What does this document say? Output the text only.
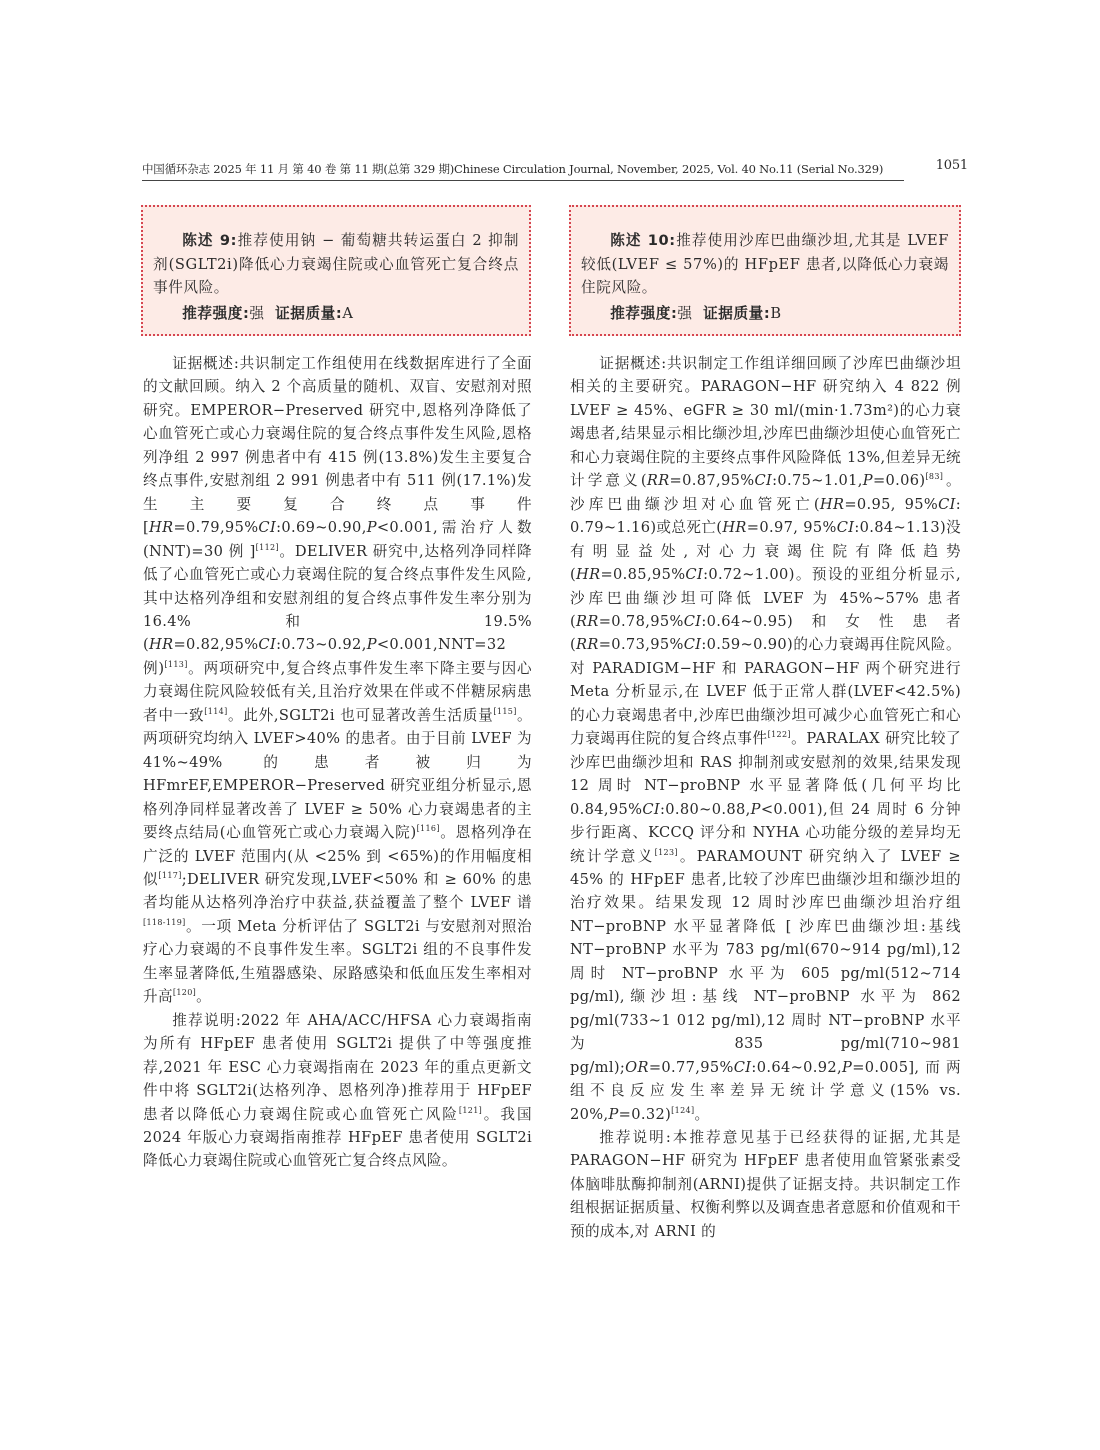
中国循环杂志 2025 年 11 月 第 40 卷 第 11 期(总第 329 期)Chinese Circulation Journal, November, 2025, Vol. 40 No.11 (Serial No.329)	1051

陈述 9:推荐使用钠 − 葡萄糖共转运蛋白 2 抑制剂(SGLT2i)降低心力衰竭住院或心血管死亡复合终点事件风险。

推荐强度:强 证据质量:A

陈述 10:推荐使用沙库巴曲缬沙坦,尤其是 LVEF 较低(LVEF ≤ 57%)的 HFpEF 患者,以降低心力衰竭住院风险。

推荐强度:强 证据质量:B

证据概述:共识制定工作组使用在线数据库进行了全面的文献回顾。纳入 2 个高质量的随机、双盲、安慰剂对照研究。EMPEROR−Preserved 研究中,恩格列净降低了心血管死亡或心力衰竭住院的复合终点事件发生风险,恩格列净组 2 997 例患者中有 415 例(13.8%)发生主要复合终点事件,安慰剂组 2 991 例患者中有 511 例(17.1%)发生主要复合终点事件 [HR=0.79,95%CI:0.69~0.90,P<0.001,需治疗人数(NNT)=30 例 ][112]。DELIVER 研究中,达格列净同样降低了心血管死亡或心力衰竭住院的复合终点事件发生风险,其中达格列净组和安慰剂组的复合终点事件发生率分别为 16.4% 和 19.5%(HR=0.82,95%CI:0.73~0.92,P<0.001,NNT=32 例)[113]。两项研究中,复合终点事件发生率下降主要与因心力衰竭住院风险较低有关,且治疗效果在伴或不伴糖尿病患者中一致[114]。此外,SGLT2i 也可显著改善生活质量[115]。两项研究均纳入 LVEF>40% 的患者。由于目前 LVEF 为 41%~49% 的患者被归为 HFmrEF,EMPEROR−Preserved 研究亚组分析显示,恩格列净同样显著改善了 LVEF ≥ 50% 心力衰竭患者的主要终点结局(心血管死亡或心力衰竭入院)[116]。恩格列净在广泛的 LVEF 范围内(从 <25% 到 <65%)的作用幅度相似[117];DELIVER 研究发现,LVEF<50% 和 ≥ 60% 的患者均能从达格列净治疗中获益,获益覆盖了整个 LVEF 谱[118-119]。一项 Meta 分析评估了 SGLT2i 与安慰剂对照治疗心力衰竭的不良事件发生率。SGLT2i 组的不良事件发生率显著降低,生殖器感染、尿路感染和低血压发生率相对升高[120]。

推荐说明:2022 年 AHA/ACC/HFSA 心力衰竭指南为所有 HFpEF 患者使用 SGLT2i 提供了中等强度推荐,2021 年 ESC 心力衰竭指南在 2023 年的重点更新文件中将 SGLT2i(达格列净、恩格列净)推荐用于 HFpEF 患者以降低心力衰竭住院或心血管死亡风险[121]。我国 2024 年版心力衰竭指南推荐 HFpEF 患者使用 SGLT2i 降低心力衰竭住院或心血管死亡复合终点风险。

证据概述:共识制定工作组详细回顾了沙库巴曲缬沙坦相关的主要研究。PARAGON−HF 研究纳入 4 822 例 LVEF ≥ 45%、eGFR ≥ 30 ml/(min·1.73m²)的心力衰竭患者,结果显示相比缬沙坦,沙库巴曲缬沙坦使心血管死亡和心力衰竭住院的主要终点事件风险降低 13%,但差异无统计学意义(RR=0.87,95%CI:0.75~1.01,P=0.06)[83]。沙库巴曲缬沙坦对心血管死亡(HR=0.95, 95%CI: 0.79~1.16)或总死亡(HR=0.97, 95%CI:0.84~1.13)没有明显益处,对心力衰竭住院有降低趋势(HR=0.85,95%CI:0.72~1.00)。预设的亚组分析显示,沙库巴曲缬沙坦可降低 LVEF 为 45%~57% 患者(RR=0.78,95%CI:0.64~0.95)和女性患者(RR=0.73,95%CI:0.59~0.90)的心力衰竭再住院风险。对 PARADIGM−HF 和 PARAGON−HF 两个研究进行 Meta 分析显示,在 LVEF 低于正常人群(LVEF<42.5%)的心力衰竭患者中,沙库巴曲缬沙坦可减少心血管死亡和心力衰竭再住院的复合终点事件[122]。PARALAX 研究比较了沙库巴曲缬沙坦和 RAS 抑制剂或安慰剂的效果,结果发现 12 周时 NT−proBNP 水平显著降低(几何平均比 0.84,95%CI:0.80~0.88,P<0.001),但 24 周时 6 分钟步行距离、KCCQ 评分和 NYHA 心功能分级的差异均无统计学意义[123]。PARAMOUNT 研究纳入了 LVEF ≥ 45% 的 HFpEF 患者,比较了沙库巴曲缬沙坦和缬沙坦的治疗效果。结果发现 12 周时沙库巴曲缬沙坦治疗组 NT−proBNP 水平显著降低 [ 沙库巴曲缬沙坦:基线 NT−proBNP 水平为 783 pg/ml(670~914 pg/ml),12 周时 NT−proBNP 水平为 605 pg/ml(512~714 pg/ml),缬沙坦:基线 NT−proBNP 水平为 862 pg/ml(733~1 012 pg/ml),12 周时 NT−proBNP 水平为 835 pg/ml(710~981 pg/ml);OR=0.77,95%CI:0.64~0.92,P=0.005],而两组不良反应发生率差异无统计学意义(15% vs. 20%,P=0.32)[124]。

推荐说明:本推荐意见基于已经获得的证据,尤其是 PARAGON−HF 研究为 HFpEF 患者使用血管紧张素受体脑啡肽酶抑制剂(ARNI)提供了证据支持。共识制定工作组根据证据质量、权衡利弊以及调查患者意愿和价值观和干预的成本,对 ARNI 的
